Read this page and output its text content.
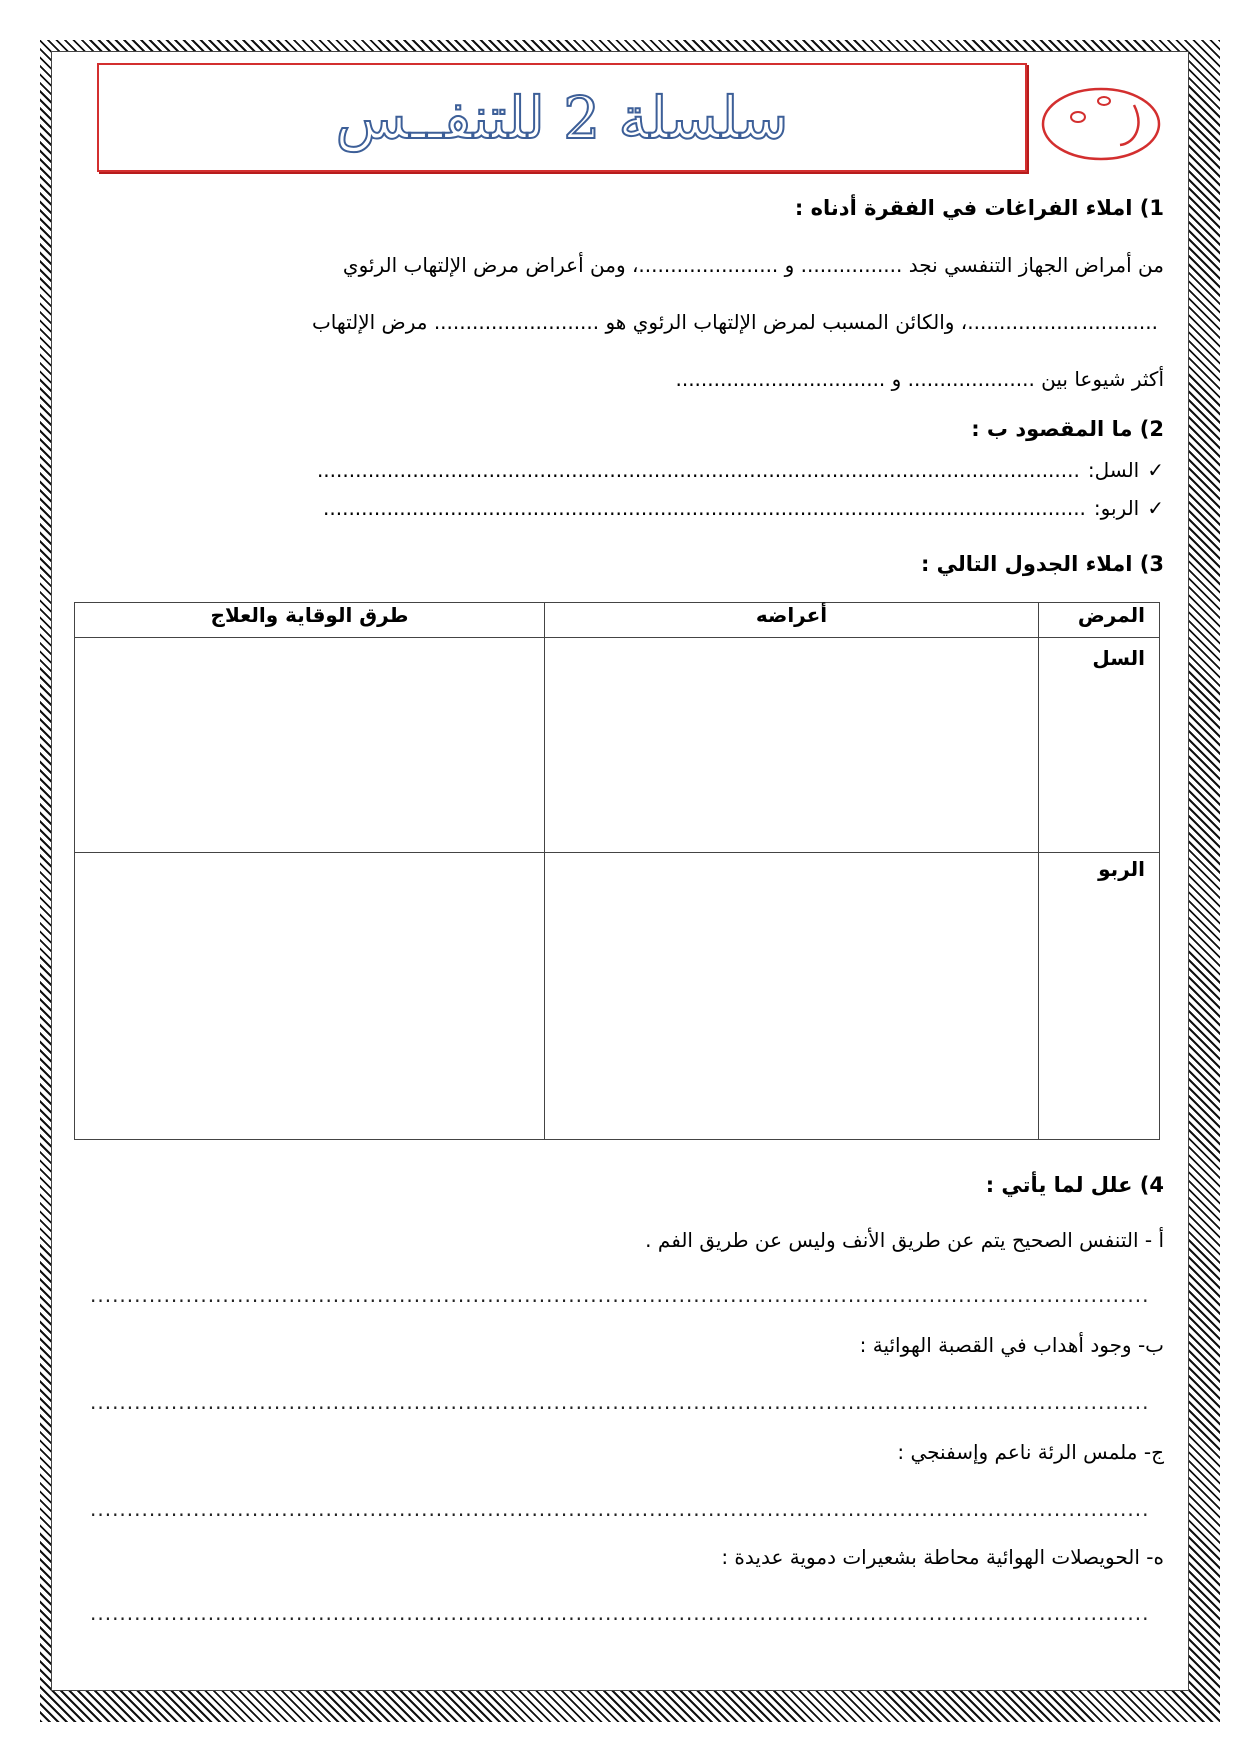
سلسلة 2 للتنفــس
1) املاء الفراغات في الفقرة أدناه :
من أمراض الجهاز التنفسي نجد ................ و ......................، ومن أعراض مرض الإلتهاب الرئوي
..............................، والكائن المسبب لمرض الإلتهاب الرئوي هو .......................... مرض الإلتهاب
أكثر شيوعا بين .................... و .................................
2) ما المقصود ب :
✓
السل:
........................................................................................................................
✓
الربو:
........................................................................................................................
3) املاء الجدول التالي :
المرض	أعراضه	طرق الوقاية والعلاج
السل		
الربو		
4) علل لما يأتي :
أ - التنفس الصحيح يتم عن طريق الأنف وليس عن طريق الفم .
................................................................................................................................................
ب- وجود أهداب في القصبة الهوائية :
................................................................................................................................................
ج- ملمس الرئة ناعم وإسفنجي :
................................................................................................................................................
ه- الحويصلات الهوائية محاطة بشعيرات دموية عديدة :
................................................................................................................................................
